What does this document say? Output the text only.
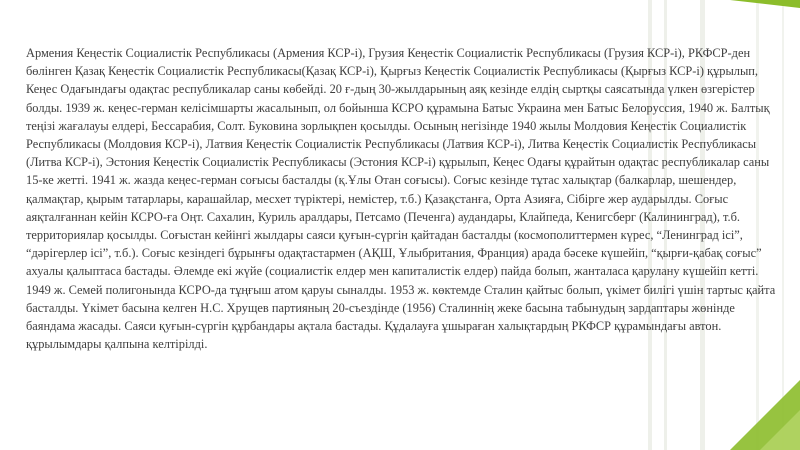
Армения Кеңестік Социалистік Республикасы (Армения КСР-і), Грузия Кеңестік Социалистік Республикасы (Грузия КСР-і), РКФСР-ден бөлінген Қазақ Кеңестік Социалистік Республикасы(Қазақ КСР-і), Қырғыз Кеңестік Социалистік Республикасы (Қырғыз КСР-і) құрылып, Кеңес Одағындағы одақтас республикалар саны көбейді. 20 ғ-дың 30-жылдарының аяқ кезінде елдің сыртқы саясатында үлкен өзгерістер болды. 1939 ж. кеңес-герман келісімшарты жасалынып, ол бойынша КСРО құрамына Батыс Украина мен Батыс Белоруссия, 1940 ж. Балтық теңізі жағалауы елдері, Бессарабия, Солт. Буковина зорлықпен қосылды. Осының негізінде 1940 жылы Молдовия Кеңестік Социалистік Республикасы (Молдовия КСР-і), Латвия Кеңестік Социалистік Республикасы (Латвия КСР-і), Литва Кеңестік Социалистік Республикасы (Литва КСР-і), Эстония Кеңестік Социалистік Республикасы (Эстония КСР-і) құрылып, Кеңес Одағы құрайтын одақтас республикалар саны 15-ке жетті. 1941 ж. жазда кеңес-герман соғысы басталды (қ.Ұлы Отан соғысы). Соғыс кезінде тұтас халықтар (балкарлар, шешендер, қалмақтар, қырым татарлары, карашайлар, месхет түріктері, немістер, т.б.) Қазақстанға, Орта Азияға, Сібірге жер аударылды. Соғыс аяқталғаннан кейін КСРО-ға Оңт. Сахалин, Куриль аралдары, Петсамо (Печенга) аудандары, Клайпеда, Кенигсберг (Калининград), т.б. территориялар қосылды. Соғыстан кейінгі жылдары саяси қуғын-сүргін қайтадан басталды (космополиттермен күрес, “Ленинград ісі”, “дәрігерлер ісі”, т.б.). Соғыс кезіндегі бұрынғы одақтастармен (АҚШ, Ұлыбритания, Франция) арада бәсеке күшейіп, “қырғи-қабақ соғыс” ахуалы қалыптаса бастады. Әлемде екі жүйе (социалистік елдер мен капиталистік елдер) пайда болып, жанталаса қарулану күшейіп кетті. 1949 ж. Семей полигонында КСРО-да тұңғыш атом қаруы сыналды. 1953 ж. көктемде Сталин қайтыс болып, үкімет билігі үшін тартыс қайта басталды. Үкімет басына келген Н.С. Хрущев партияның 20-съездінде (1956) Сталиннің жеке басына табынудың зардаптары жөнінде баяндама жасады. Саяси қуғын-сүргін құрбандары ақтала бастады. Құдалауға ұшыраған халықтардың РКФСР құрамындағы автон. құрылымдары қалпына келтірілді.
